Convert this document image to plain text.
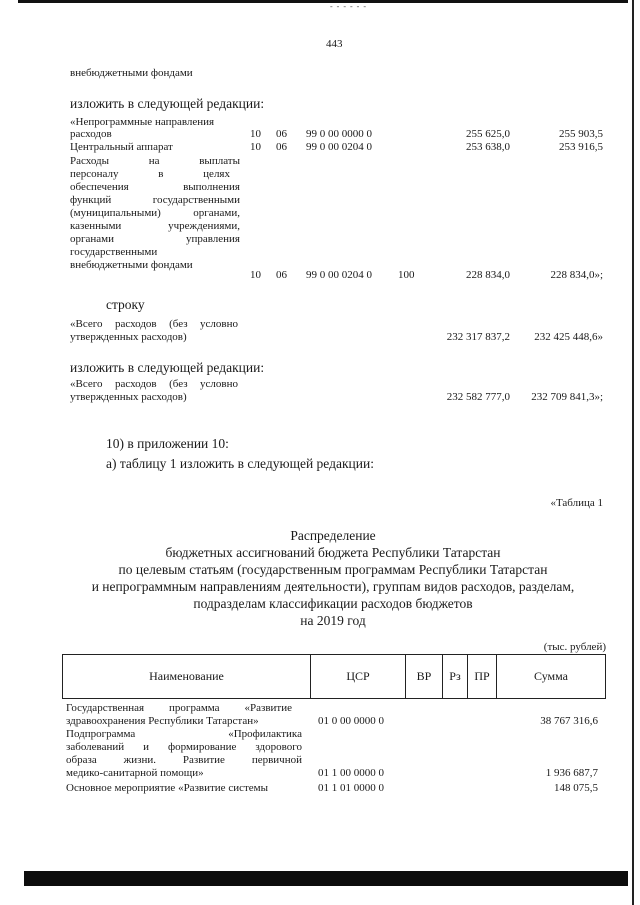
- - - - - -
443
внебюджетными фондами
изложить в следующей редакции:
«Непрограммные направления
расходов	10 06 99 0 00 0000 0	255 625,0	255 903,5
Центральный аппарат	10 06 99 0 00 0204 0	253 638,0	253 916,5
Расходы на выплаты
персоналу в целях
обеспечения выполнения
функций государственными
(муниципальными) органами,
казенными учреждениями,
органами управления
государственными
внебюджетными фондами
10 06 99 0 00 0204 0 100	228 834,0	228 834,0»;
строку
«Всего расходов (без условно
утвержденных расходов)	232 317 837,2	232 425 448,6»
изложить в следующей редакции:
«Всего расходов (без условно
утвержденных расходов)	232 582 777,0	232 709 841,3»;
10) в приложении 10:
а) таблицу 1 изложить в следующей редакции:
«Таблица 1
Распределение
бюджетных ассигнований бюджета Республики Татарстан
по целевым статьям (государственным программам Республики Татарстан
и непрограммным направлениям деятельности), группам видов расходов, разделам,
подразделам классификации расходов бюджетов
на 2019 год
(тыс. рублей)
Наименование	ЦСР	ВР	Рз	ПР	Сумма
Государственная программа «Развитие
здравоохранения Республики Татарстан»	01 0 00 0000 0	38 767 316,6
Подпрограмма «Профилактика
заболеваний и формирование здорового
образа жизни. Развитие первичной
медико-санитарной помощи»	01 1 00 0000 0	1 936 687,7
Основное мероприятие «Развитие системы	01 1 01 0000 0	148 075,5
